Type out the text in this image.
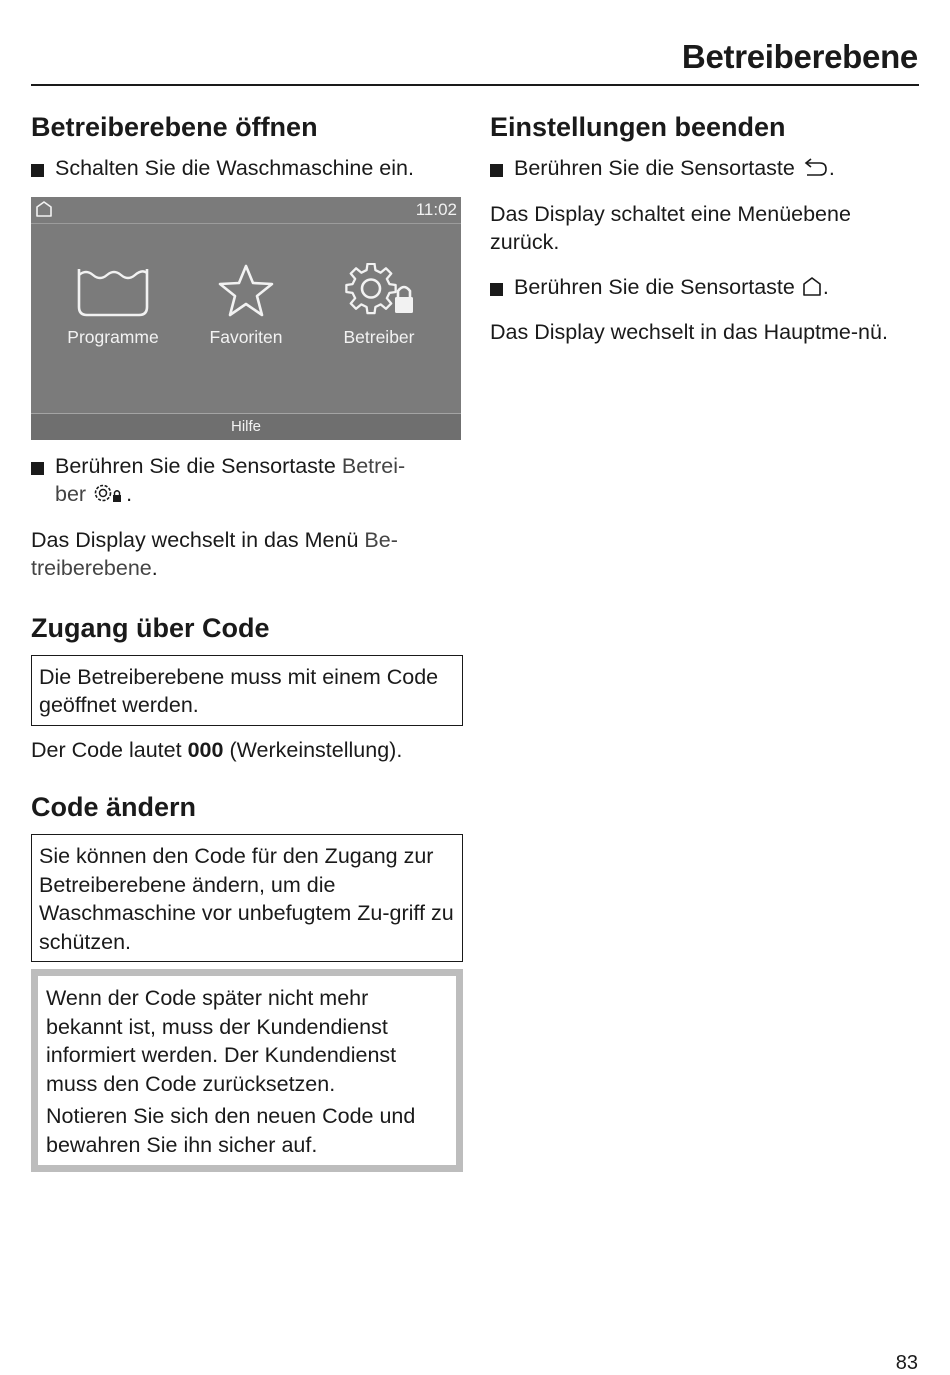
Betreiberebene
Betreiberebene öffnen

Schalten Sie die Waschmaschine ein.

11:02
Programme	Favoriten	Betreiber
Hilfe

Berühren Sie die Sensortaste Betrei-
ber .

Das Display wechselt in das Menü Be-
treiberebene.

Zugang über Code

Die Betreiberebene muss mit einem Code geöffnet werden.

Der Code lautet 000 (Werkeinstellung).

Code ändern

Sie können den Code für den Zugang zur Betreiberebene ändern, um die Waschmaschine vor unbefugtem Zu-griff zu schützen.

Wenn der Code später nicht mehr bekannt ist, muss der Kundendienst informiert werden. Der Kundendienst muss den Code zurücksetzen.

Notieren Sie sich den neuen Code und bewahren Sie ihn sicher auf.

Einstellungen beenden

Berühren Sie die Sensortaste .

Das Display schaltet eine Menüebene zurück.

Berühren Sie die Sensortaste .

Das Display wechselt in das Hauptme-nü.

83
